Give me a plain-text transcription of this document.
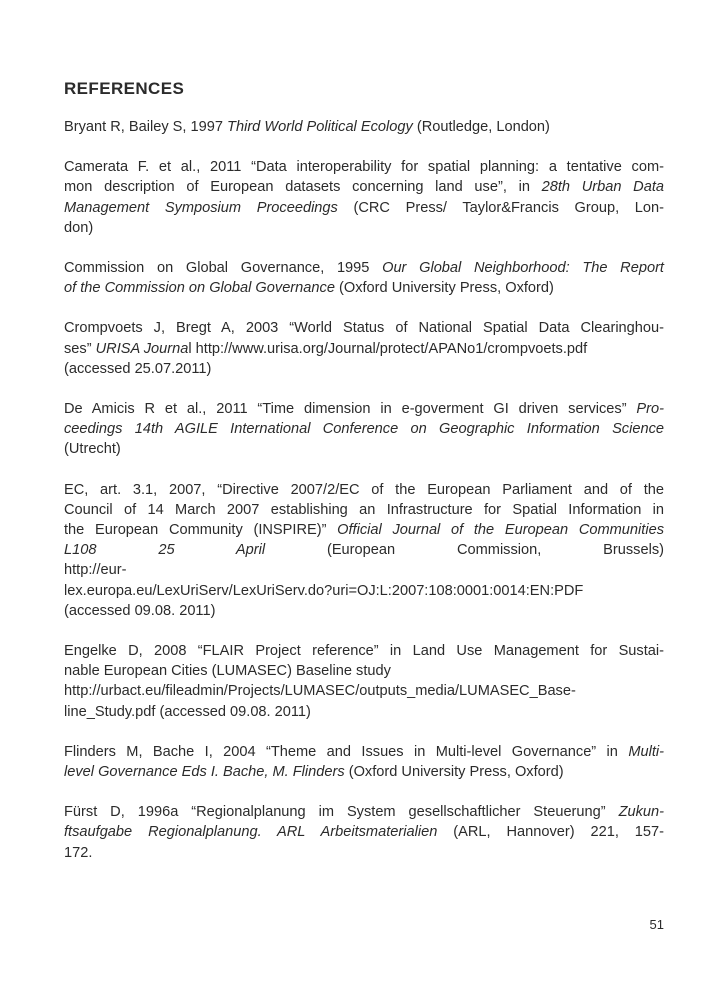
REFERENCES
Bryant R, Bailey S, 1997 Third World Political Ecology (Routledge, London)
Camerata F. et al., 2011 “Data interoperability for spatial planning: a tentative com-
mon description of European datasets concerning land use”, in 28th Urban Data
Management Symposium Proceedings (CRC Press/ Taylor&Francis Group, Lon-
don)
Commission on Global Governance, 1995 Our Global Neighborhood: The Report
of the Commission on Global Governance (Oxford University Press, Oxford)
Crompvoets J, Bregt A, 2003 “World Status of National Spatial Data Clearinghou-
ses” URISA Journal http://www.urisa.org/Journal/protect/APANo1/crompvoets.pdf
(accessed 25.07.2011)
De Amicis R et al., 2011 “Time dimension in e-goverment GI driven services” Pro-
ceedings 14th AGILE International Conference on Geographic Information Science
(Utrecht)
EC, art. 3.1, 2007, “Directive 2007/2/EC of the European Parliament and of the
Council of 14 March 2007 establishing an Infrastructure for Spatial Information in
the European Community (INSPIRE)” Official Journal of the European Communities
L108 25 April (European Commission, Brussels)
http://eur-
lex.europa.eu/LexUriServ/LexUriServ.do?uri=OJ:L:2007:108:0001:0014:EN:PDF
(accessed 09.08. 2011)
Engelke D, 2008 “FLAIR Project reference” in Land Use Management for Sustai-
nable European Cities (LUMASEC) Baseline study
http://urbact.eu/fileadmin/Projects/LUMASEC/outputs_media/LUMASEC_Base-
line_Study.pdf (accessed 09.08. 2011)
Flinders M, Bache I, 2004 “Theme and Issues in Multi-level Governance” in Multi-
level Governance Eds I. Bache, M. Flinders (Oxford University Press, Oxford)
Fürst D, 1996a “Regionalplanung im System gesellschaftlicher Steuerung” Zukun-
ftsaufgabe Regionalplanung. ARL Arbeitsmaterialien (ARL, Hannover) 221, 157-
172.
51
